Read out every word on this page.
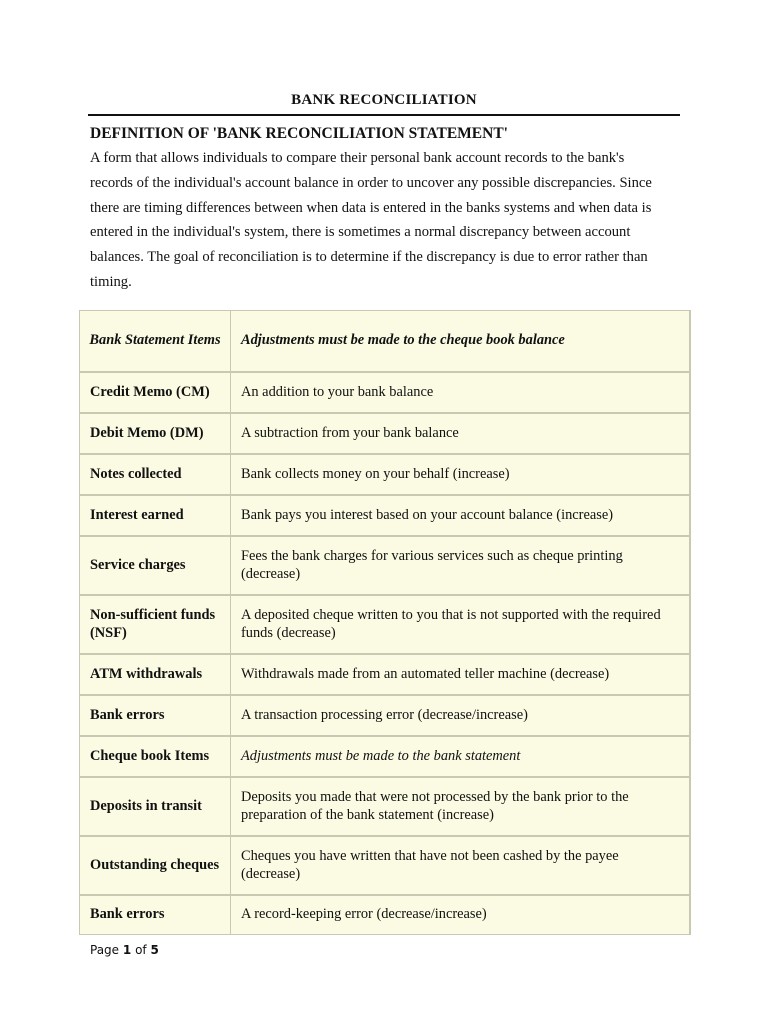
BANK RECONCILIATION
DEFINITION OF 'BANK RECONCILIATION STATEMENT'
A form that allows individuals to compare their personal bank account records to the bank's
records of the individual's account balance in order to uncover any possible discrepancies. Since
there are timing differences between when data is entered in the banks systems and when data is
entered in the individual's system, there is sometimes a normal discrepancy between account
balances. The goal of reconciliation is to determine if the discrepancy is due to error rather than
timing.
Bank Statement Items	Adjustments must be made to the cheque book balance
Credit Memo (CM)	An addition to your bank balance
Debit Memo (DM)	A subtraction from your bank balance
Notes collected	Bank collects money on your behalf (increase)
Interest earned	Bank pays you interest based on your account balance (increase)
Service charges	Fees the bank charges for various services such as cheque printing (decrease)
Non-sufficient funds (NSF)	A deposited cheque written to you that is not supported with the required funds (decrease)
ATM withdrawals	Withdrawals made from an automated teller machine (decrease)
Bank errors	A transaction processing error (decrease/increase)
Cheque book Items	Adjustments must be made to the bank statement
Deposits in transit	Deposits you made that were not processed by the bank prior to the preparation of the bank statement (increase)
Outstanding cheques	Cheques you have written that have not been cashed by the payee (decrease)
Bank errors	A record-keeping error (decrease/increase)
Page 1 of 5
